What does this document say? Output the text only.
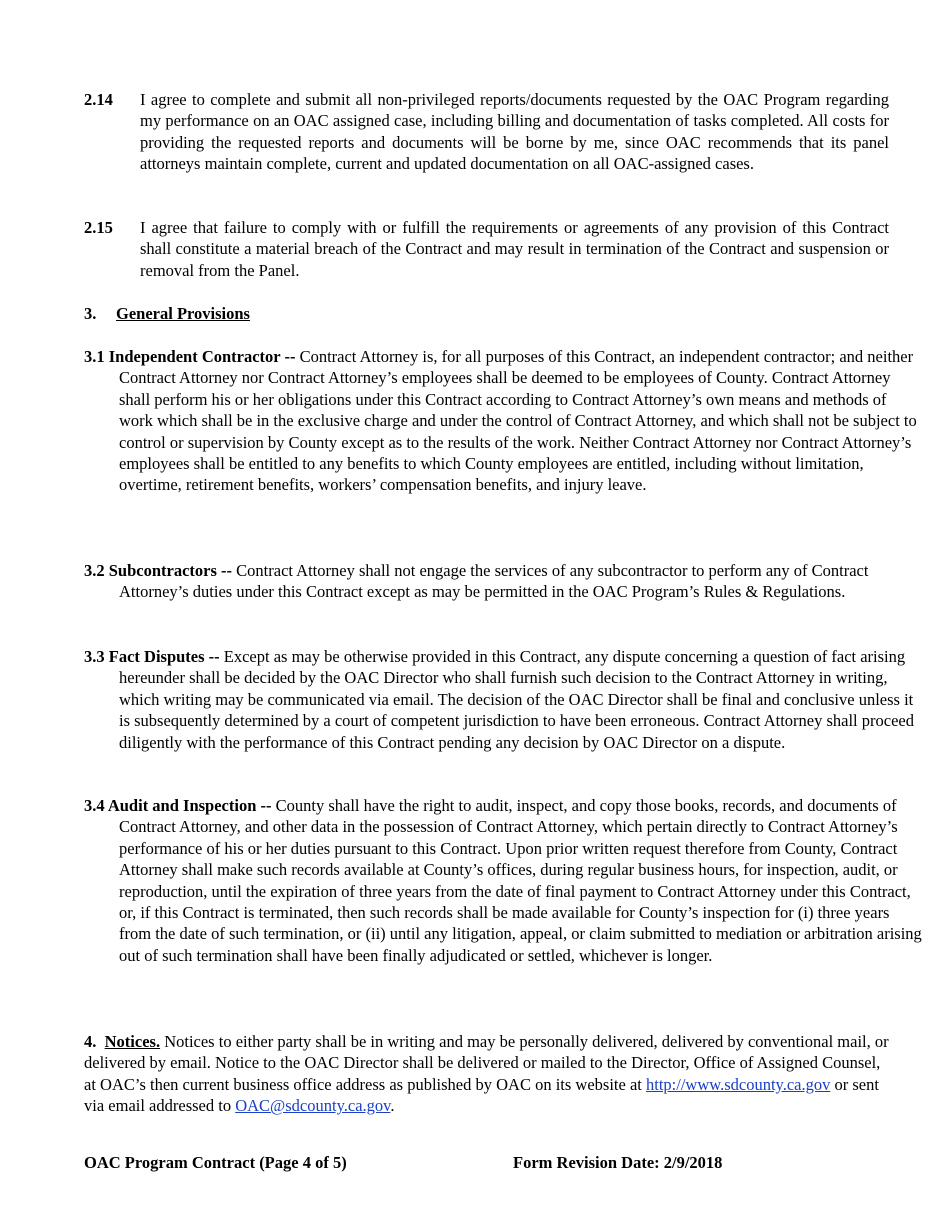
2.14	I agree to complete and submit all non-privileged reports/documents requested by the OAC Program regarding my performance on an OAC assigned case, including billing and documentation of tasks completed. All costs for providing the requested reports and documents will be borne by me, since OAC recommends that its panel attorneys maintain complete, current and updated documentation on all OAC-assigned cases.
2.15	I agree that failure to comply with or fulfill the requirements or agreements of any provision of this Contract shall constitute a material breach of the Contract and may result in termination of the Contract and suspension or removal from the Panel.
3. General Provisions
3.1 Independent Contractor -- Contract Attorney is, for all purposes of this Contract, an independent contractor; and neither Contract Attorney nor Contract Attorney’s employees shall be deemed to be employees of County. Contract Attorney shall perform his or her obligations under this Contract according to Contract Attorney’s own means and methods of work which shall be in the exclusive charge and under the control of Contract Attorney, and which shall not be subject to control or supervision by County except as to the results of the work. Neither Contract Attorney nor Contract Attorney’s employees shall be entitled to any benefits to which County employees are entitled, including without limitation, overtime, retirement benefits, workers’ compensation benefits, and injury leave.
3.2 Subcontractors -- Contract Attorney shall not engage the services of any subcontractor to perform any of Contract Attorney’s duties under this Contract except as may be permitted in the OAC Program’s Rules & Regulations.
3.3 Fact Disputes -- Except as may be otherwise provided in this Contract, any dispute concerning a question of fact arising hereunder shall be decided by the OAC Director who shall furnish such decision to the Contract Attorney in writing, which writing may be communicated via email. The decision of the OAC Director shall be final and conclusive unless it is subsequently determined by a court of competent jurisdiction to have been erroneous. Contract Attorney shall proceed diligently with the performance of this Contract pending any decision by OAC Director on a dispute.
3.4 Audit and Inspection -- County shall have the right to audit, inspect, and copy those books, records, and documents of Contract Attorney, and other data in the possession of Contract Attorney, which pertain directly to Contract Attorney’s performance of his or her duties pursuant to this Contract. Upon prior written request therefore from County, Contract Attorney shall make such records available at County’s offices, during regular business hours, for inspection, audit, or reproduction, until the expiration of three years from the date of final payment to Contract Attorney under this Contract, or, if this Contract is terminated, then such records shall be made available for County’s inspection for (i) three years from the date of such termination, or (ii) until any litigation, appeal, or claim submitted to mediation or arbitration arising out of such termination shall have been finally adjudicated or settled, whichever is longer.
4. Notices. Notices to either party shall be in writing and may be personally delivered, delivered by conventional mail, or delivered by email. Notice to the OAC Director shall be delivered or mailed to the Director, Office of Assigned Counsel, at OAC’s then current business office address as published by OAC on its website at http://www.sdcounty.ca.gov or sent via email addressed to OAC@sdcounty.ca.gov.
OAC Program Contract (Page 4 of 5)	Form Revision Date: 2/9/2018
